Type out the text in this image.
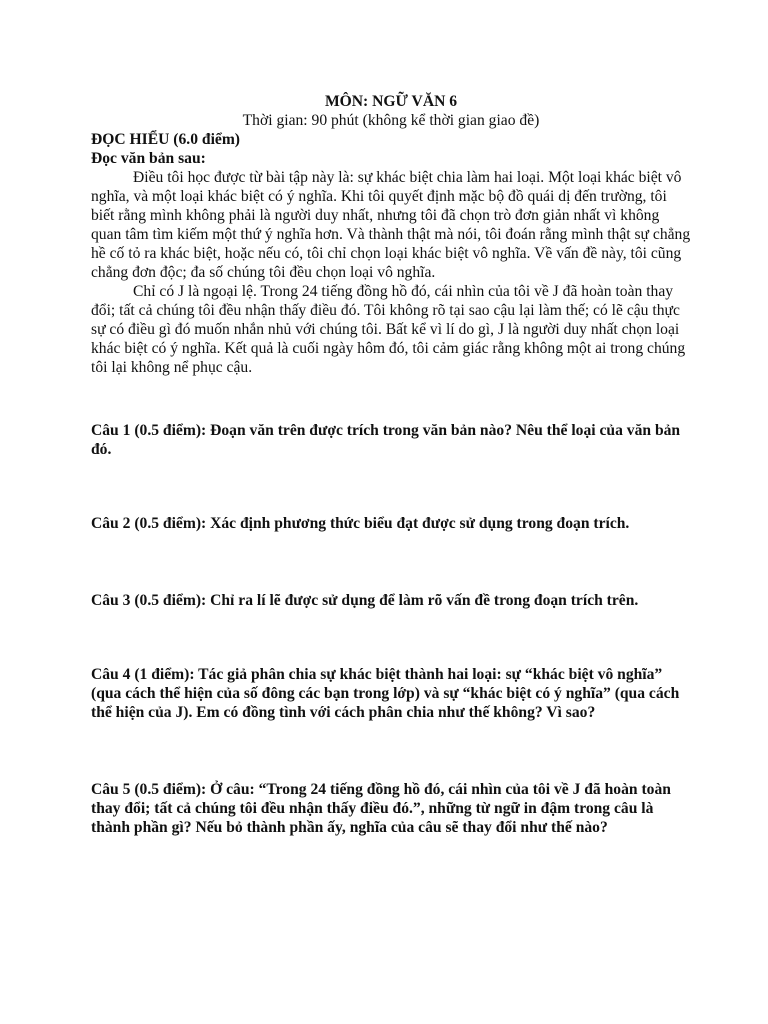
MÔN: NGỮ VĂN 6

Thời gian: 90 phút (không kể thời gian giao đề)

ĐỌC HIỂU (6.0 điểm)

Đọc văn bản sau:

Điều tôi học được từ bài tập này là: sự khác biệt chia làm hai loại. Một loại khác biệt vô nghĩa, và một loại khác biệt có ý nghĩa. Khi tôi quyết định mặc bộ đồ quái dị đến trường, tôi biết rằng mình không phải là người duy nhất, nhưng tôi đã chọn trò đơn giản nhất vì không quan tâm tìm kiếm một thứ ý nghĩa hơn. Và thành thật mà nói, tôi đoán rằng mình thật sự chẳng hề cố tỏ ra khác biệt, hoặc nếu có, tôi chỉ chọn loại khác biệt vô nghĩa. Về vấn đề này, tôi cũng chẳng đơn độc; đa số chúng tôi đều chọn loại vô nghĩa.

Chỉ có J là ngoại lệ. Trong 24 tiếng đồng hồ đó, cái nhìn của tôi về J đã hoàn toàn thay đổi; tất cả chúng tôi đều nhận thấy điều đó. Tôi không rõ tại sao cậu lại làm thế; có lẽ cậu thực sự có điều gì đó muốn nhắn nhủ với chúng tôi. Bất kể vì lí do gì, J là người duy nhất chọn loại khác biệt có ý nghĩa. Kết quả là cuối ngày hôm đó, tôi cảm giác rằng không một ai trong chúng tôi lại không nể phục cậu.

Câu 1 (0.5 điểm): Đoạn văn trên được trích trong văn bản nào? Nêu thể loại của văn bản đó.

Câu 2 (0.5 điểm): Xác định phương thức biểu đạt được sử dụng trong đoạn trích.

Câu 3 (0.5 điểm): Chỉ ra lí lẽ được sử dụng để làm rõ vấn đề trong đoạn trích trên.

Câu 4 (1 điểm): Tác giả phân chia sự khác biệt thành hai loại: sự “khác biệt vô nghĩa” (qua cách thể hiện của số đông các bạn trong lớp) và sự “khác biệt có ý nghĩa” (qua cách thể hiện của J). Em có đồng tình với cách phân chia như thế không? Vì sao?

Câu 5 (0.5 điểm): Ở câu: “Trong 24 tiếng đồng hồ đó, cái nhìn của tôi về J đã hoàn toàn thay đổi; tất cả chúng tôi đều nhận thấy điều đó.”, những từ ngữ in đậm trong câu là thành phần gì? Nếu bỏ thành phần ấy, nghĩa của câu sẽ thay đổi như thế nào?
